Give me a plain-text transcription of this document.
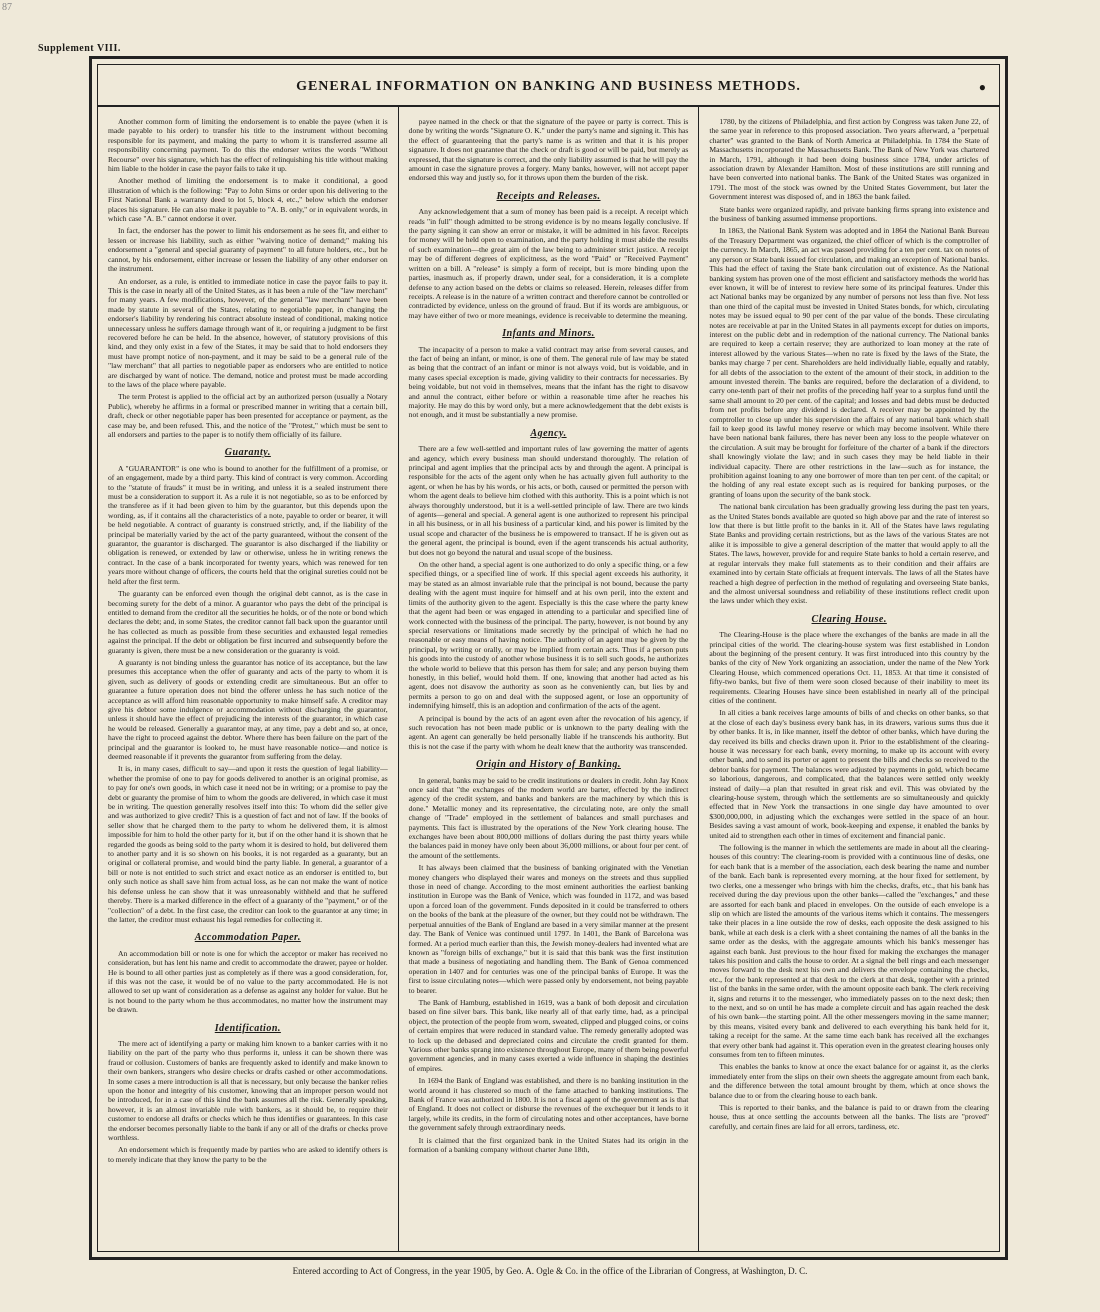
87
Supplement VIII.
GENERAL INFORMATION ON BANKING AND BUSINESS METHODS.	●

Another common form of limiting the endorsement is to enable the payee (when it is made payable to his order) to transfer his title to the instrument without becoming responsible for its payment, and making the party to whom it is transferred assume all responsibility concerning payment. To do this the endorser writes the words "Without Recourse" over his signature, which has the effect of relinquishing his title without making him liable to the holder in case the payor fails to take it up.

Another method of limiting the endorsement is to make it conditional, a good illustration of which is the following: "Pay to John Sims or order upon his delivering to the First National Bank a warranty deed to lot 5, block 4, etc.," below which the endorser places his signature. He can also make it payable to "A. B. only," or in equivalent words, in which case "A. B." cannot endorse it over.

In fact, the endorser has the power to limit his endorsement as he sees fit, and either to lessen or increase his liability, such as either "waiving notice of demand;" making his endorsement a "general and special guaranty of payment" to all future holders, etc., but he cannot, by his endorsement, either increase or lessen the liability of any other endorser on the instrument.

An endorser, as a rule, is entitled to immediate notice in case the payor fails to pay it. This is the case in nearly all of the United States, as it has been a rule of the "law merchant" for many years. A few modifications, however, of the general "law merchant" have been made by statute in several of the States, relating to negotiable paper, in changing the endorser's liability by rendering his contract absolute instead of conditional, making notice unnecessary unless he suffers damage through want of it, or requiring a judgment to be first recovered before he can be held. In the absence, however, of statutory provisions of this kind, and they only exist in a few of the States, it may be said that to hold endorsers they must have prompt notice of non-payment, and it may be said to be a general rule of the "law merchant" that all parties to negotiable paper as endorsers who are entitled to notice are discharged by want of notice. The demand, notice and protest must be made according to the laws of the place where payable.

The term Protest is applied to the official act by an authorized person (usually a Notary Public), whereby he affirms in a formal or prescribed manner in writing that a certain bill, draft, check or other negotiable paper has been presented for acceptance or payment, as the case may be, and been refused. This, and the notice of the "Protest," which must be sent to all endorsers and parties to the paper is to notify them officially of its failure.

Guaranty.

A "GUARANTOR" is one who is bound to another for the fulfillment of a promise, or of an engagement, made by a third party. This kind of contract is very common. According to the "statute of frauds" it must be in writing, and unless it is a sealed instrument there must be a consideration to support it. As a rule it is not negotiable, so as to be enforced by the transferee as if it had been given to him by the guarantor, but this depends upon the wording, as, if it contains all the characteristics of a note, payable to order or bearer, it will be held negotiable. A contract of guaranty is construed strictly, and, if the liability of the principal be materially varied by the act of the party guaranteed, without the consent of the guarantor, the guarantor is discharged. The guarantor is also discharged if the liability or obligation is renewed, or extended by law or otherwise, unless he in writing renews the contract. In the case of a bank incorporated for twenty years, which was renewed for ten years more without change of officers, the courts held that the original sureties could not be held after the first term.

The guaranty can be enforced even though the original debt cannot, as is the case in becoming surety for the debt of a minor. A guarantor who pays the debt of the principal is entitled to demand from the creditor all the securities he holds, or of the note or bond which declares the debt; and, in some States, the creditor cannot fall back upon the guarantor until he has collected as much as possible from these securities and exhausted legal remedies against the principal. If the debt or obligation be first incurred and subsequently before the guaranty is given, there must be a new consideration or the guaranty is void.

A guaranty is not binding unless the guarantor has notice of its acceptance, but the law presumes this acceptance when the offer of guaranty and acts of the party to whom it is given, such as delivery of goods or extending credit are simultaneous. But an offer to guarantee a future operation does not bind the offerer unless he has such notice of the acceptance as will afford him reasonable opportunity to make himself safe. A creditor may give his debtor some indulgence or accommodation without discharging the guarantor, unless it should have the effect of prejudicing the interests of the guarantor, in which case he would be released. Generally a guarantor may, at any time, pay a debt and so, at once, have the right to proceed against the debtor. Where there has been failure on the part of the principal and the guarantor is looked to, he must have reasonable notice—and notice is deemed reasonable if it prevents the guarantor from suffering from the delay.

It is, in many cases, difficult to say—and upon it rests the question of legal liability—whether the promise of one to pay for goods delivered to another is an original promise, as to pay for one's own goods, in which case it need not be in writing; or a promise to pay the debt or guaranty the promise of him to whom the goods are delivered, in which case it must be in writing. The question generally resolves itself into this: To whom did the seller give and was authorized to give credit? This is a question of fact and not of law. If the books of seller show that he charged them to the party to whom he delivered them, it is almost impossible for him to hold the other party for it, but if on the other hand it is shown that he regarded the goods as being sold to the party whom it is desired to hold, but delivered them to another party and it is so shown on his books, it is not regarded as a guaranty, but an original or collateral promise, and would bind the party liable. In general, a guarantor of a bill or note is not entitled to such strict and exact notice as an endorser is entitled to, but only such notice as shall save him from actual loss, as he can not make the want of notice his defense unless he can show that it was unreasonably withheld and that he suffered thereby. There is a marked difference in the effect of a guaranty of the "payment," or of the "collection" of a debt. In the first case, the creditor can look to the guarantor at any time; in the latter, the creditor must exhaust his legal remedies for collecting it.

Accommodation Paper.

An accommodation bill or note is one for which the acceptor or maker has received no consideration, but has lent his name and credit to accommodate the drawer, payee or holder. He is bound to all other parties just as completely as if there was a good consideration, for, if this was not the case, it would be of no value to the party accommodated. He is not allowed to set up want of consideration as a defense as against any holder for value. But he is not bound to the party whom he thus accommodates, no matter how the instrument may be drawn.

Identification.

The mere act of identifying a party or making him known to a banker carries with it no liability on the part of the party who thus performs it, unless it can be shown there was fraud or collusion. Customers of banks are frequently asked to identify and make known to their own bankers, strangers who desire checks or drafts cashed or other accommodations. In some cases a mere introduction is all that is necessary, but only because the banker relies upon the honor and integrity of his customer, knowing that an improper person would not be introduced, for in a case of this kind the bank assumes all the risk. Generally speaking, however, it is an almost invariable rule with bankers, as it should be, to require their customer to endorse all drafts or checks which he thus identifies or guarantees. In this case the endorser becomes personally liable to the bank if any or all of the drafts or checks prove worthless.

An endorsement which is frequently made by parties who are asked to identify others is to merely indicate that they know the party to be the

payee named in the check or that the signature of the payee or party is correct. This is done by writing the words "Signature O. K." under the party's name and signing it. This has the effect of guaranteeing that the party's name is as written and that it is his proper signature. It does not guarantee that the check or draft is good or will be paid, but merely as expressed, that the signature is correct, and the only liability assumed is that he will pay the amount in case the signature proves a forgery. Many banks, however, will not accept paper endorsed this way and justly so, for it throws upon them the burden of the risk.

Receipts and Releases.

Any acknowledgement that a sum of money has been paid is a receipt. A receipt which reads "in full" though admitted to be strong evidence is by no means legally conclusive. If the party signing it can show an error or mistake, it will be admitted in his favor. Receipts for money will be held open to examination, and the party holding it must abide the results of such examination—the great aim of the law being to administer strict justice. A receipt may be of different degrees of explicitness, as the word "Paid" or "Received Payment" written on a bill. A "release" is simply a form of receipt, but is more binding upon the parties, inasmuch as, if properly drawn, under seal, for a consideration, it is a complete defense to any action based on the debts or claims so released. Herein, releases differ from receipts. A release is in the nature of a written contract and therefore cannot be controlled or contradicted by evidence, unless on the ground of fraud. But if its words are ambiguous, or may have either of two or more meanings, evidence is receivable to determine the meaning.

Infants and Minors.

The incapacity of a person to make a valid contract may arise from several causes, and the fact of being an infant, or minor, is one of them. The general rule of law may be stated as being that the contract of an infant or minor is not always void, but is voidable, and in many cases special exception is made, giving validity to their contracts for necessaries. By being voidable, but not void in themselves, means that the infant has the right to disavow and annul the contract, either before or within a reasonable time after he reaches his majority. He may do this by word only, but a mere acknowledgement that the debt exists is not enough, and it must be substantially a new promise.

Agency.

There are a few well-settled and important rules of law governing the matter of agents and agency, which every business man should understand thoroughly. The relation of principal and agent implies that the principal acts by and through the agent. A principal is responsible for the acts of the agent only when he has actually given full authority to the agent, or when he has by his words, or his acts, or both, caused or permitted the person with whom the agent deals to believe him clothed with this authority. This is a point which is not always thoroughly understood, but it is a well-settled principle of law. There are two kinds of agents—general and special. A general agent is one authorized to represent his principal in all his business, or in all his business of a particular kind, and his power is limited by the usual scope and character of the business he is empowered to transact. If he is given out as the general agent, the principal is bound, even if the agent transcends his actual authority, but does not go beyond the natural and usual scope of the business.

On the other hand, a special agent is one authorized to do only a specific thing, or a few specified things, or a specified line of work. If this special agent exceeds his authority, it may be stated as an almost invariable rule that the principal is not bound, because the party dealing with the agent must inquire for himself and at his own peril, into the extent and limits of the authority given to the agent. Especially is this the case where the party knew that the agent had been or was engaged in attending to a particular and specified line of work connected with the business of the principal. The party, however, is not bound by any special reservations or limitations made secretly by the principal of which he had no reasonable or easy means of having notice. The authority of an agent may be given by the principal, by writing or orally, or may be implied from certain acts. Thus if a person puts his goods into the custody of another whose business it is to sell such goods, he authorizes the whole world to believe that this person has them for sale; and any person buying them honestly, in this belief, would hold them. If one, knowing that another had acted as his agent, does not disavow the authority as soon as he conveniently can, but lies by and permits a person to go on and deal with the supposed agent, or lose an opportunity of indemnifying himself, this is an adoption and confirmation of the acts of the agent.

A principal is bound by the acts of an agent even after the revocation of his agency, if such revocation has not been made public or is unknown to the party dealing with the agent. An agent can generally be held personally liable if he transcends his authority. But this is not the case if the party with whom he dealt knew that the authority was transcended.

Origin and History of Banking.

In general, banks may be said to be credit institutions or dealers in credit. John Jay Knox once said that "the exchanges of the modern world are barter, effected by the indirect agency of the credit system, and banks and bankers are the machinery by which this is done." Metallic money and its representative, the circulating note, are only the small change of "Trade" employed in the settlement of balances and small purchases and payments. This fact is illustrated by the operations of the New York clearing house. The exchanges have been about 800,000 millions of dollars during the past thirty years while the balances paid in money have only been about 36,000 millions, or about four per cent. of the amount of the settlements.

It has always been claimed that the business of banking originated with the Venetian money changers who displayed their wares and moneys on the streets and thus supplied those in need of change. According to the most eminent authorities the earliest banking institution in Europe was the Bank of Venice, which was founded in 1172, and was based upon a forced loan of the government. Funds deposited in it could be transferred to others on the books of the bank at the pleasure of the owner, but they could not be withdrawn. The perpetual annuities of the Bank of England are based in a very similar manner at the present day. The Bank of Venice was continued until 1797. In 1401, the Bank of Barcelona was formed. At a period much earlier than this, the Jewish money-dealers had invented what are known as "foreign bills of exchange," but it is said that this bank was the first institution that made a business of negotiating and handling them. The Bank of Genoa commenced operation in 1407 and for centuries was one of the principal banks of Europe. It was the first to issue circulating notes—which were passed only by endorsement, not being payable to bearer.

The Bank of Hamburg, established in 1619, was a bank of both deposit and circulation based on fine silver bars. This bank, like nearly all of that early time, had, as a principal object, the protection of the people from worn, sweated, clipped and plugged coins, or coins of certain empires that were reduced in standard value. The remedy generally adopted was to lock up the debased and depreciated coins and circulate the credit granted for them. Various other banks sprang into existence throughout Europe, many of them being powerful government agencies, and in many cases exerted a wide influence in shaping the destinies of empires.

In 1694 the Bank of England was established, and there is no banking institution in the world around it has clustered so much of the fame attached to banking institutions. The Bank of France was authorized in 1800. It is not a fiscal agent of the government as is that of England. It does not collect or disburse the revenues of the exchequer but it lends to it largely, while its credits, in the form of circulating notes and other acceptances, have borne the government safely through extraordinary needs.

It is claimed that the first organized bank in the United States had its origin in the formation of a banking company without charter June 18th,

1780, by the citizens of Philadelphia, and first action by Congress was taken June 22, of the same year in reference to this proposed association. Two years afterward, a "perpetual charter" was granted to the Bank of North America at Philadelphia. In 1784 the State of Massachusetts incorporated the Massachusetts Bank. The Bank of New York was chartered in March, 1791, although it had been doing business since 1784, under articles of association drawn by Alexander Hamilton. Most of these institutions are still running and have been converted into national banks. The Bank of the United States was organized in 1791. The most of the stock was owned by the United States Government, but later the Government interest was disposed of, and in 1863 the bank failed.

State banks were organized rapidly, and private banking firms sprang into existence and the business of banking assumed immense proportions.

In 1863, the National Bank System was adopted and in 1864 the National Bank Bureau of the Treasury Department was organized, the chief officer of which is the comptroller of the currency. In March, 1865, an act was passed providing for a ten per cent. tax on notes of any person or State bank issued for circulation, and making an exception of National banks. This had the effect of taxing the State bank circulation out of existence. As the National banking system has proven one of the most efficient and satisfactory methods the world has ever known, it will be of interest to review here some of its principal features. Under this act National banks may be organized by any number of persons not less than five. Not less than one third of the capital must be invested in United States bonds, for which, circulating notes may be issued equal to 90 per cent of the par value of the bonds. These circulating notes are receivable at par in the United States in all payments except for duties on imports, interest on the public debt and in redemption of the national currency. The National banks are required to keep a certain reserve; they are authorized to loan money at the rate of interest allowed by the various States—when no rate is fixed by the laws of the State, the banks may charge 7 per cent. Shareholders are held individually liable, equally and ratably, for all debts of the association to the extent of the amount of their stock, in addition to the amount invested therein. The banks are required, before the declaration of a dividend, to carry one-tenth part of their net profits of the preceding half year to a surplus fund until the same shall amount to 20 per cent. of the capital; and losses and bad debts must be deducted from net profits before any dividend is declared. A receiver may be appointed by the comptroller to close up under his supervision the affairs of any national bank which shall fail to keep good its lawful money reserve or which may become insolvent. While there have been national bank failures, there has never been any loss to the people whatever on the circulation. A suit may be brought for forfeiture of the charter of a bank if the directors shall knowingly violate the law; and in such cases they may be held liable in their individual capacity. There are other restrictions in the law—such as for instance, the prohibition against loaning to any one borrower of more than ten per cent. of the capital; or the holding of any real estate except such as is required for banking purposes, or the granting of loans upon the security of the bank stock.

The national bank circulation has been gradually growing less during the past ten years, as the United States bonds available are quoted so high above par and the rate of interest so low that there is but little profit to the banks in it. All of the States have laws regulating State Banks and providing certain restrictions, but as the laws of the various States are not alike it is impossible to give a general description of the matter that would apply to all the States. The laws, however, provide for and require State banks to hold a certain reserve, and at regular intervals they make full statements as to their condition and their affairs are examined into by certain State officials at frequent intervals. The laws of all the States have reached a high degree of perfection in the method of regulating and overseeing State banks, and the almost universal soundness and reliability of these institutions reflect credit upon the laws under which they exist.

Clearing House.

The Clearing-House is the place where the exchanges of the banks are made in all the principal cities of the world. The clearing-house system was first established in London about the beginning of the present century. It was first introduced into this country by the banks of the city of New York organizing an association, under the name of the New York Clearing House, which commenced operations Oct. 11, 1853. At that time it consisted of fifty-two banks, but five of them were soon closed because of their inability to meet its requirements. Clearing Houses have since been established in nearly all of the principal cities of the continent.

In all cities a bank receives large amounts of bills of and checks on other banks, so that at the close of each day's business every bank has, in its drawers, various sums thus due it by other banks. It is, in like manner, itself the debtor of other banks, which have during the day received its bills and checks drawn upon it. Prior to the establishment of the clearing-house it was necessary for each bank, every morning, to make up its account with every other bank, and to send its porter or agent to present the bills and checks so received to the debtor banks for payment. The balances were adjusted by payments in gold, which became so laborious, dangerous, and complicated, that the balances were settled only weekly instead of daily—a plan that resulted in great risk and evil. This was obviated by the clearing-house system, through which the settlements are so simultaneously and quickly effected that in New York the transactions in one single day have amounted to over $300,000,000, in adjusting which the exchanges were settled in the space of an hour. Besides saving a vast amount of work, book-keeping and expense, it enabled the banks by united aid to strengthen each other in times of excitement and financial panic.

The following is the manner in which the settlements are made in about all the clearing-houses of this country: The clearing-room is provided with a continuous line of desks, one for each bank that is a member of the association, each desk bearing the name and number of the bank. Each bank is represented every morning, at the hour fixed for settlement, by two clerks, one a messenger who brings with him the checks, drafts, etc., that his bank has received during the day previous upon the other banks—called the "exchanges," and these are assorted for each bank and placed in envelopes. On the outside of each envelope is a slip on which are listed the amounts of the various items which it contains. The messengers take their places in a line outside the row of desks, each opposite the desk assigned to his bank, while at each desk is a clerk with a sheet containing the names of all the banks in the same order as the desks, with the aggregate amounts which his bank's messenger has against each bank. Just previous to the hour fixed for making the exchanges the manager takes his position and calls the house to order. At a signal the bell rings and each messenger moves forward to the desk next his own and delivers the envelope containing the checks, etc., for the bank represented at that desk to the clerk at that desk, together with a printed list of the banks in the same order, with the amount opposite each bank. The clerk receiving it, signs and returns it to the messenger, who immediately passes on to the next desk; then to the next, and so on until he has made a complete circuit and has again reached the desk of his own bank—the starting point. All the other messengers moving in the same manner; by this means, visited every bank and delivered to each everything his bank held for it, taking a receipt for the same. At the same time each bank has received all the exchanges that every other bank had against it. This operation even in the greatest clearing houses only consumes from ten to fifteen minutes.

This enables the banks to know at once the exact balance for or against it, as the clerks immediately enter from the slips on their own sheets the aggregate amount from each bank, and the difference between the total amount brought by them, which at once shows the balance due to or from the clearing house to each bank.

This is reported to their banks, and the balance is paid to or drawn from the clearing house, thus at once settling the accounts between all the banks. The lists are "proved" carefully, and certain fines are laid for all errors, tardiness, etc.

Entered according to Act of Congress, in the year 1905, by Geo. A. Ogle & Co. in the office of the Librarian of Congress, at Washington, D. C.
